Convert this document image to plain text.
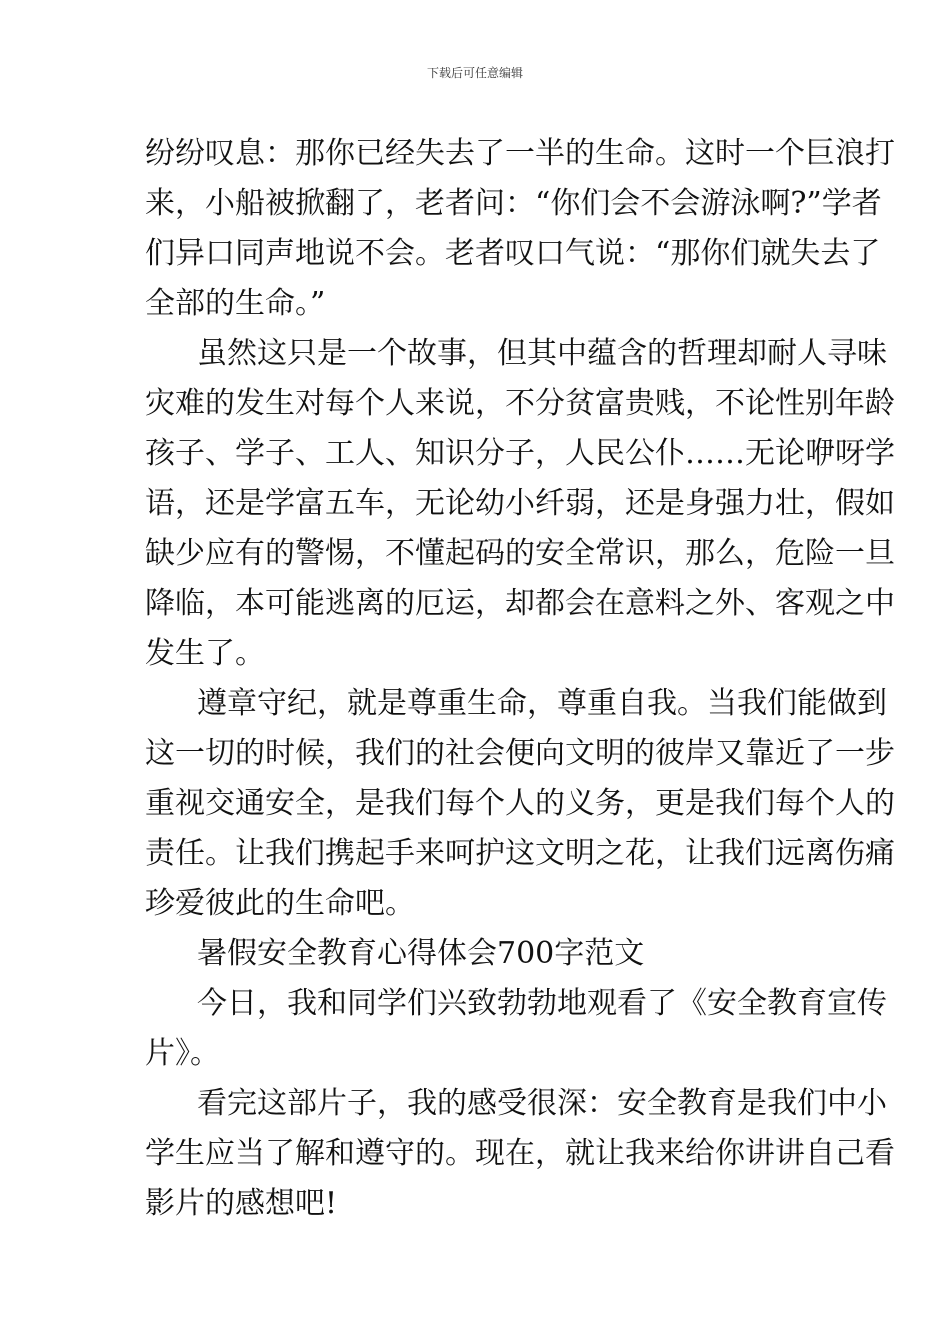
下载后可任意编辑
纷纷叹息：那你已经失去了一半的生命。这时一个巨浪打
来，小船被掀翻了，老者问：“你们会不会游泳啊?”学者
们异口同声地说不会。老者叹口气说：“那你们就失去了
全部的生命。”
虽然这只是一个故事，但其中蕴含的哲理却耐人寻味
灾难的发生对每个人来说，不分贫富贵贱，不论性别年龄
孩子、学子、工人、知识分子，人民公仆……无论咿呀学
语，还是学富五车，无论幼小纤弱，还是身强力壮，假如
缺少应有的警惕，不懂起码的安全常识，那么，危险一旦
降临，本可能逃离的厄运，却都会在意料之外、客观之中
发生了。
遵章守纪，就是尊重生命，尊重自我。当我们能做到
这一切的时候，我们的社会便向文明的彼岸又靠近了一步
重视交通安全，是我们每个人的义务，更是我们每个人的
责任。让我们携起手来呵护这文明之花，让我们远离伤痛
珍爱彼此的生命吧。
暑假安全教育心得体会700字范文
今日，我和同学们兴致勃勃地观看了《安全教育宣传
片》。
看完这部片子，我的感受很深：安全教育是我们中小
学生应当了解和遵守的。现在，就让我来给你讲讲自己看
影片的感想吧!
